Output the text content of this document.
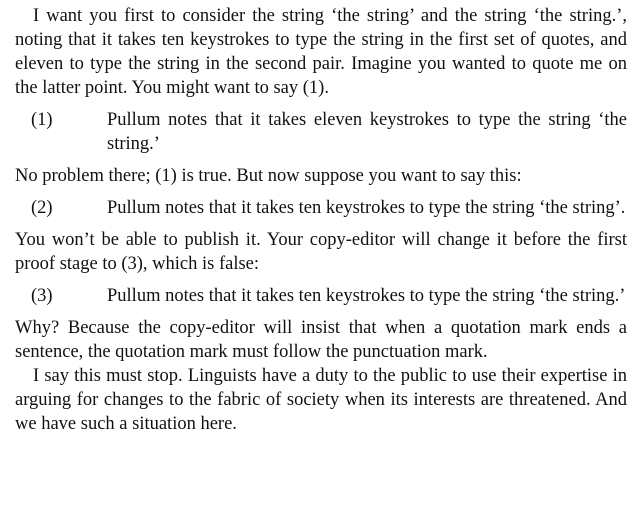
I want you first to consider the string ‘the string’ and the string ‘the string.’, noting that it takes ten keystrokes to type the string in the first set of quotes, and eleven to type the string in the second pair. Imagine you wanted to quote me on the latter point. You might want to say (1).

(1)	Pullum notes that it takes eleven keystrokes to type the string ‘the string.’

No problem there; (1) is true. But now suppose you want to say this:

(2)	Pullum notes that it takes ten keystrokes to type the string ‘the string’.

You won’t be able to publish it. Your copy-editor will change it before the first proof stage to (3), which is false:

(3)	Pullum notes that it takes ten keystrokes to type the string ‘the string.’

Why? Because the copy-editor will insist that when a quotation mark ends a sentence, the quotation mark must follow the punctuation mark.

I say this must stop. Linguists have a duty to the public to use their expertise in arguing for changes to the fabric of society when its interests are threatened. And we have such a situation here.
